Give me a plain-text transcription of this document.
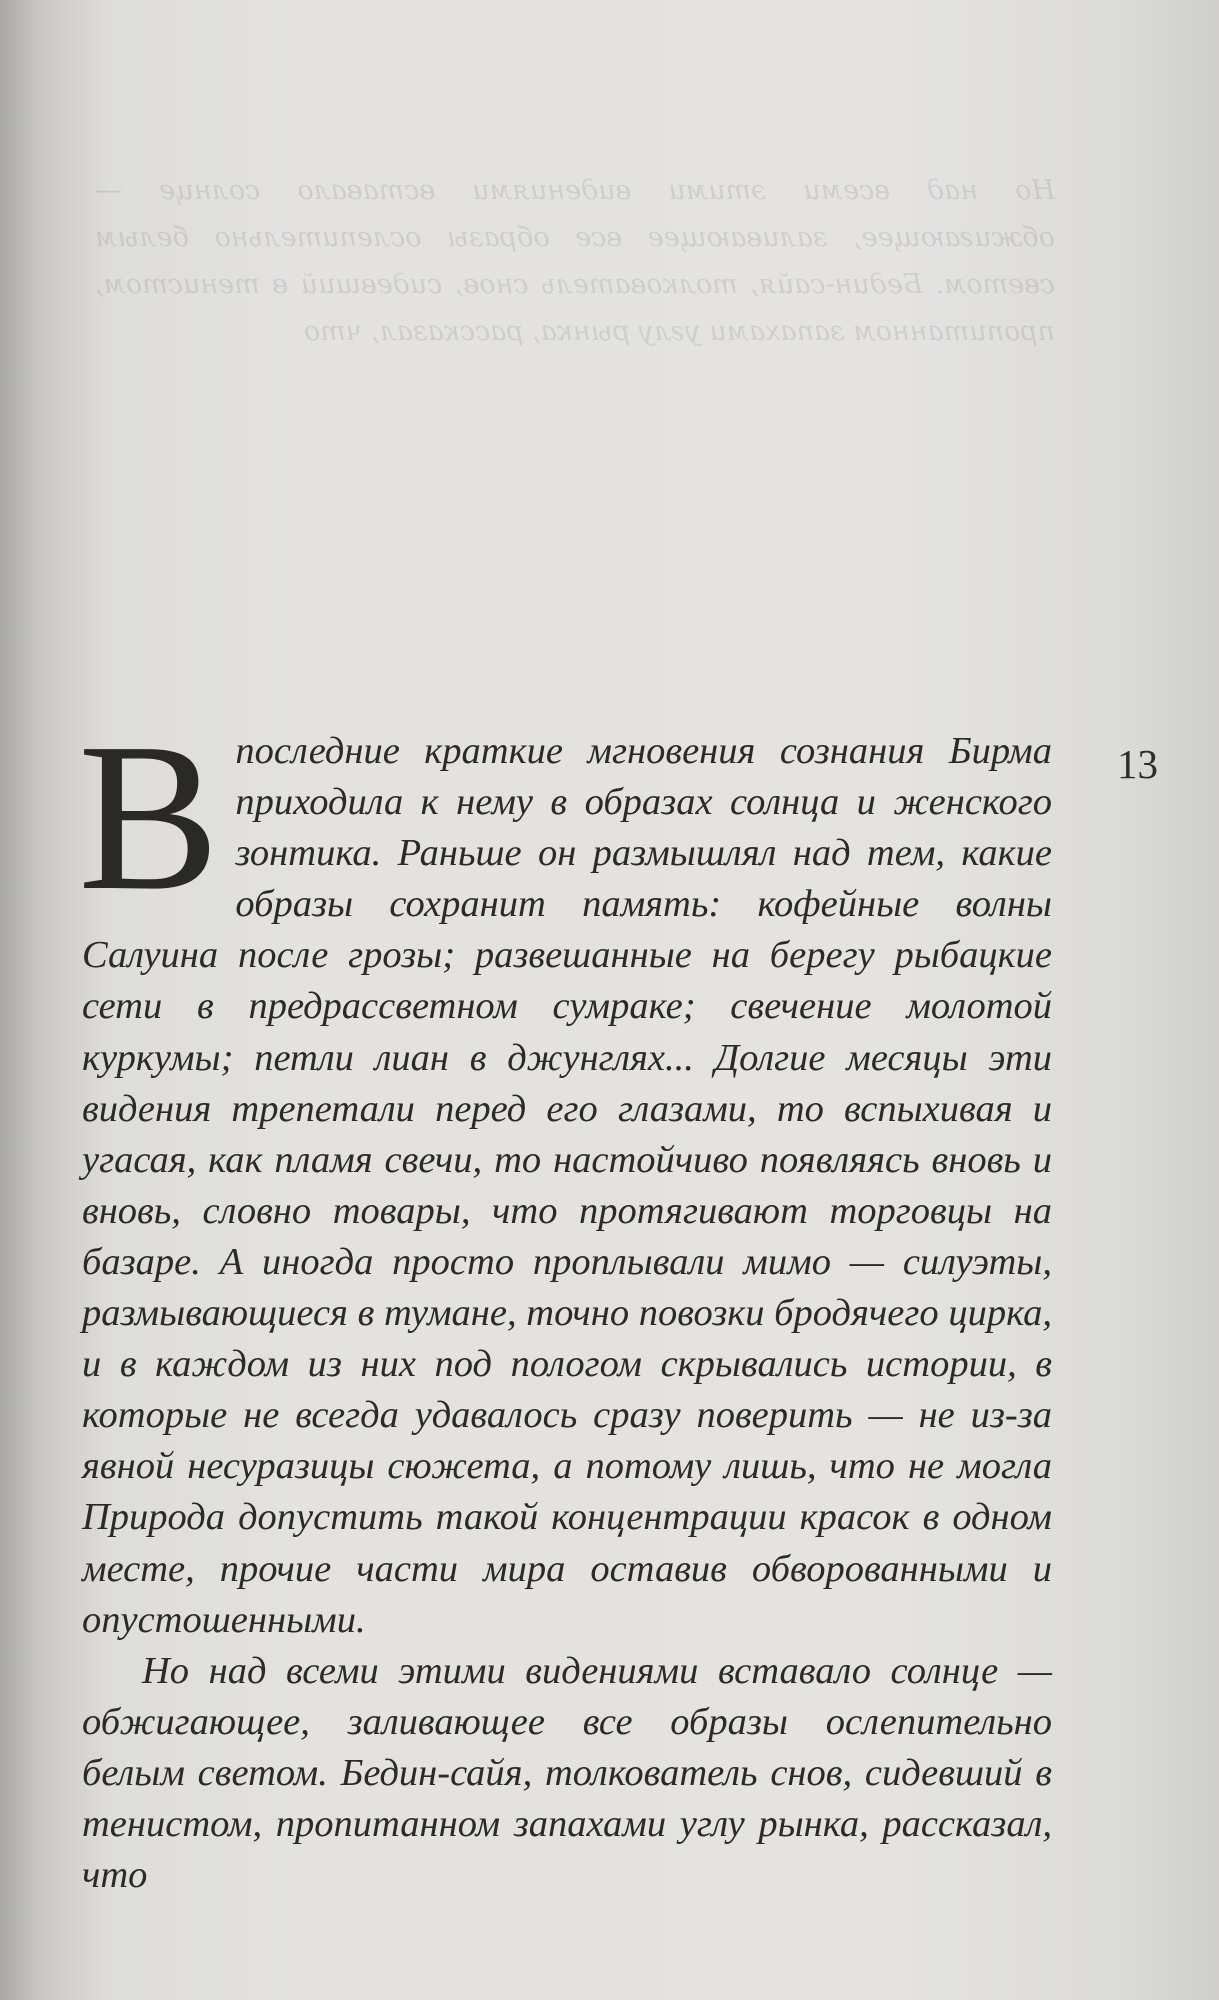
Но над всеми этими видениями вставало солнце — обжигающее, заливающее все образы ослепительно белым светом. Бедин-сайя, толкователь снов, сидевший в тенистом, пропитанном запахами углу рынка, рассказал, что

Впоследние краткие мгновения сознания Бирма приходила к нему в образах солнца и женского зонтика. Раньше он размышлял над тем, какие образы сохранит память: кофейные волны Салуина после грозы; развешанные на берегу рыбацкие сети в предрассветном сумраке; свечение молотой куркумы; петли лиан в джунглях... Долгие месяцы эти видения трепетали перед его глазами, то вспыхивая и угасая, как пламя свечи, то настойчиво появляясь вновь и вновь, словно товары, что протягивают торговцы на базаре. А иногда просто проплывали мимо — силуэты, размывающиеся в тумане, точно повозки бродячего цирка, и в каждом из них под пологом скрывались истории, в которые не всегда удавалось сразу поверить — не из-за явной несуразицы сюжета, а потому лишь, что не могла Природа допустить такой концентрации красок в одном месте, прочие части мира оставив обворованными и опустошенными.

Но над всеми этими видениями вставало солнце — обжигающее, заливающее все образы ослепительно белым светом. Бедин-сайя, толкователь снов, сидевший в тенистом, пропитанном запахами углу рынка, рассказал, что

13
